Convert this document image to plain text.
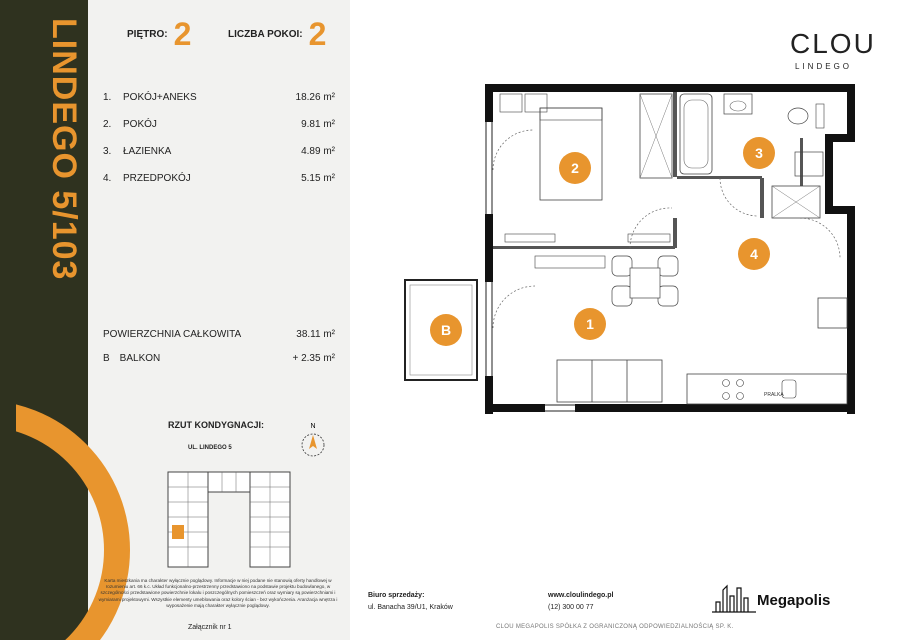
LINDEGO 5/103	PIĘTRO: 2	LICZBA POKOI: 2
1. POKÓJ+ANEKS	18.26 m²
2. POKÓJ	9.81 m²
3. ŁAZIENKA	4.89 m²
4. PRZEDPOKÓJ	5.15 m²
POWIERZCHNIA CAŁKOWITA	38.11 m²
B BALKON	+ 2.35 m²
RZUT KONDYGNACJI:
UL. LINDEGO 5
N
Karta mieszkania ma charakter wyłącznie poglądowy. Informacje w niej podane nie stanowią oferty handlowej w rozumieniu art. 66 k.c. Układ funkcjonalno-przestrzenny przedstawiono na podstawie projektu budowlanego, w szczególności przedstawione powierzchnie lokalu i poszczególnych pomieszczeń oraz wymiary są powierzchniami i wymiarami projektowymi. Wszystkie elementy umeblowania oraz kolory ścian - bez wykończenia. Aranżacja wnętrza i wyposażenie mają charakter wyłącznie poglądowy.
Załącznik nr 1
CLOU
LINDEGO
PRALKA
2
3
4
1
B
Biuro sprzedaży:
ul. Banacha 39/U1, Kraków
www.cloulindego.pl
(12) 300 00 77	Megapolis
CLOU MEGAPOLIS SPÓŁKA Z OGRANICZONĄ ODPOWIEDZIALNOŚCIĄ SP. K.
